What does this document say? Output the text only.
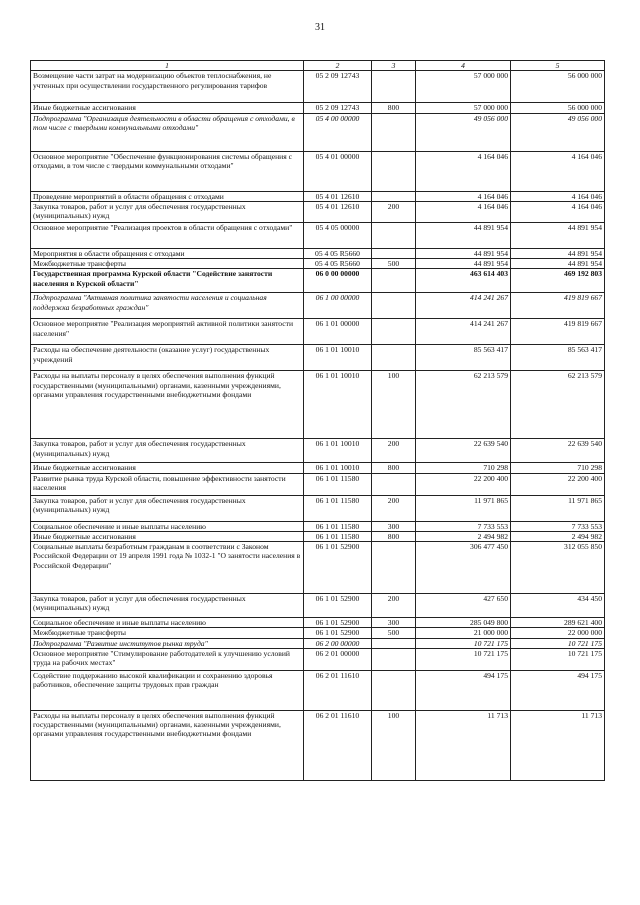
31
1	2	3	4	5
Возмещение части затрат на модернизацию объектов теплоснабжения, не учтенных при осуществлении государственного регулирования тарифов	05 2 09 12743		57 000 000	56 000 000
Иные бюджетные ассигнования	05 2 09 12743	800	57 000 000	56 000 000
Подпрограмма "Организация деятельности в области обращения с отходами, в том числе с твердыми коммунальными отходами"	05 4 00 00000		49 056 000	49 056 000
Основное мероприятие "Обеспечение функционирования системы обращения с отходами, в том числе с твердыми коммунальными отходами"	05 4 01 00000		4 164 046	4 164 046
Проведение мероприятий в области обращения с отходами	05 4 01 12610		4 164 046	4 164 046
Закупка товаров, работ и услуг для обеспечения государственных (муниципальных) нужд	05 4 01 12610	200	4 164 046	4 164 046
Основное мероприятие "Реализация проектов в области обращения с отходами"	05 4 05 00000		44 891 954	44 891 954
Мероприятия в области обращения с отходами	05 4 05 R5660		44 891 954	44 891 954
Межбюджетные трансферты	05 4 05 R5660	500	44 891 954	44 891 954
Государственная программа Курской области "Содействие занятости населения в Курской области"	06 0 00 00000		463 614 403	469 192 803
Подпрограмма "Активная политика занятости населения и социальная поддержка безработных граждан"	06 1 00 00000		414 241 267	419 819 667
Основное мероприятие "Реализация мероприятий активной политики занятости населения"	06 1 01 00000		414 241 267	419 819 667
Расходы на обеспечение деятельности (оказание услуг) государственных учреждений	06 1 01 10010		85 563 417	85 563 417
Расходы на выплаты персоналу в целях обеспечения выполнения функций государственными (муниципальными) органами, казенными учреждениями, органами управления государственными внебюджетными фондами	06 1 01 10010	100	62 213 579	62 213 579
Закупка товаров, работ и услуг для обеспечения государственных (муниципальных) нужд	06 1 01 10010	200	22 639 540	22 639 540
Иные бюджетные ассигнования	06 1 01 10010	800	710 298	710 298
Развитие рынка труда Курской области, повышение эффективности занятости населения	06 1 01 11580		22 200 400	22 200 400
Закупка товаров, работ и услуг для обеспечения государственных (муниципальных) нужд	06 1 01 11580	200	11 971 865	11 971 865
Социальное обеспечение и иные выплаты населению	06 1 01 11580	300	7 733 553	7 733 553
Иные бюджетные ассигнования	06 1 01 11580	800	2 494 982	2 494 982
Социальные выплаты безработным гражданам в соответствии с Законом Российской Федерации от 19 апреля 1991 года № 1032-1 "О занятости населения в Российской Федерации"	06 1 01 52900		306 477 450	312 055 850
Закупка товаров, работ и услуг для обеспечения государственных (муниципальных) нужд	06 1 01 52900	200	427 650	434 450
Социальное обеспечение и иные выплаты населению	06 1 01 52900	300	285 049 800	289 621 400
Межбюджетные трансферты	06 1 01 52900	500	21 000 000	22 000 000
Подпрограмма "Развитие институтов рынка труда"	06 2 00 00000		10 721 175	10 721 175
Основное мероприятие "Стимулирование работодателей к улучшению условий труда на рабочих местах"	06 2 01 00000		10 721 175	10 721 175
Содействие поддержанию высокой квалификации и сохранению здоровья работников, обеспечение защиты трудовых прав граждан	06 2 01 11610		494 175	494 175
Расходы на выплаты персоналу в целях обеспечения выполнения функций государственными (муниципальными) органами, казенными учреждениями, органами управления государственными внебюджетными фондами	06 2 01 11610	100	11 713	11 713
